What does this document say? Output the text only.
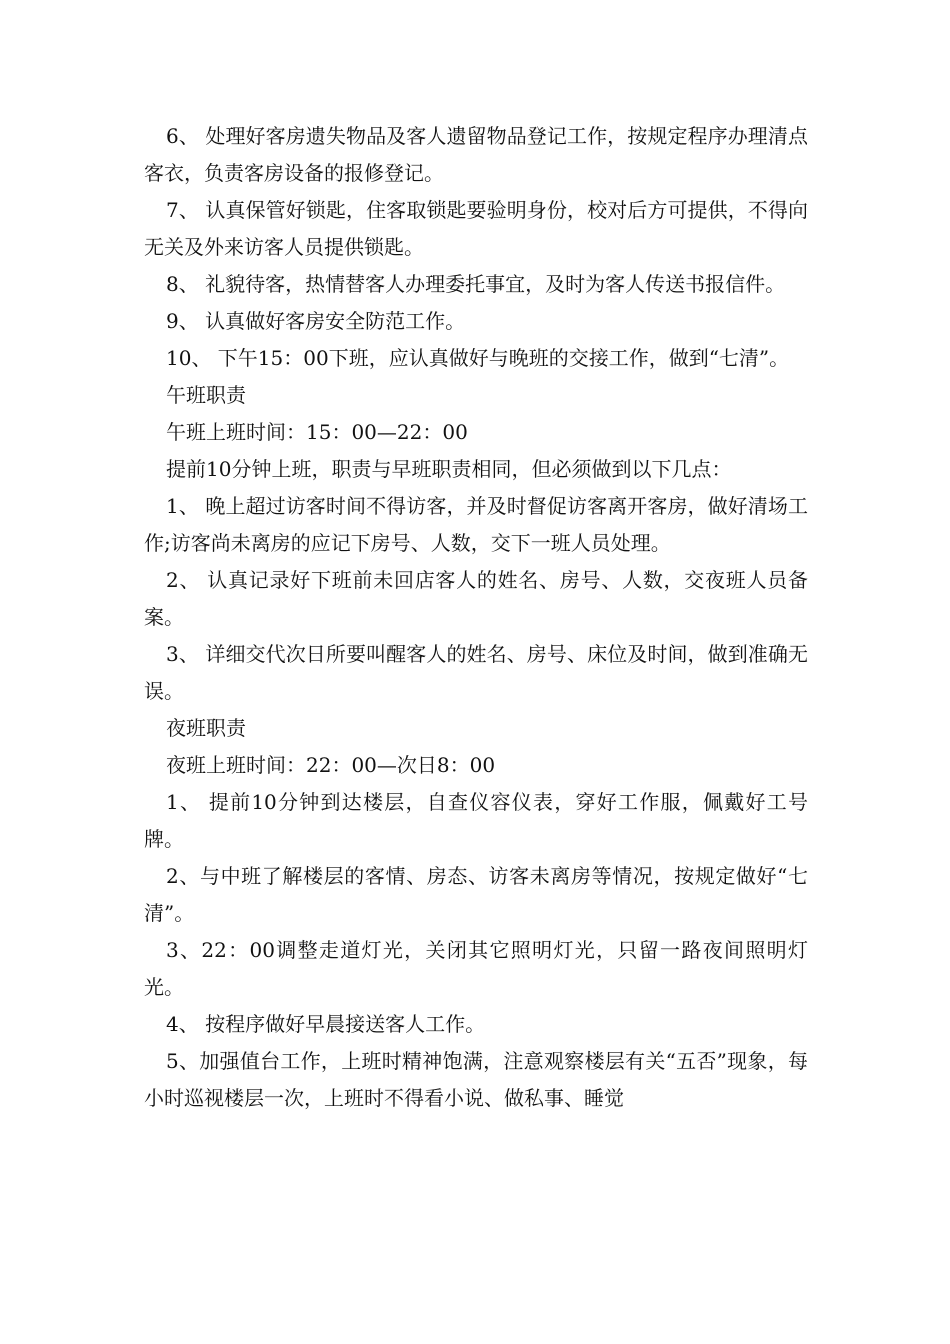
6、 处理好客房遗失物品及客人遗留物品登记工作，按规定程序办理清点客衣，负责客房设备的报修登记。

7、 认真保管好锁匙，住客取锁匙要验明身份，校对后方可提供，不得向无关及外来访客人员提供锁匙。

8、 礼貌待客，热情替客人办理委托事宜，及时为客人传送书报信件。

9、 认真做好客房安全防范工作。

10、 下午15：00下班，应认真做好与晚班的交接工作，做到“七清”。

午班职责

午班上班时间：15：00—22：00

提前10分钟上班，职责与早班职责相同，但必须做到以下几点：

1、 晚上超过访客时间不得访客，并及时督促访客离开客房，做好清场工作;访客尚未离房的应记下房号、人数，交下一班人员处理。

2、 认真记录好下班前未回店客人的姓名、房号、人数，交夜班人员备案。

3、 详细交代次日所要叫醒客人的姓名、房号、床位及时间，做到准确无误。

夜班职责

夜班上班时间：22：00—次日8：00

1、 提前10分钟到达楼层，自查仪容仪表，穿好工作服，佩戴好工号牌。

2、与中班了解楼层的客情、房态、访客未离房等情况，按规定做好“七清”。

3、22：00调整走道灯光，关闭其它照明灯光，只留一路夜间照明灯光。

4、 按程序做好早晨接送客人工作。

5、加强值台工作，上班时精神饱满，注意观察楼层有关“五否”现象，每小时巡视楼层一次，上班时不得看小说、做私事、睡觉
